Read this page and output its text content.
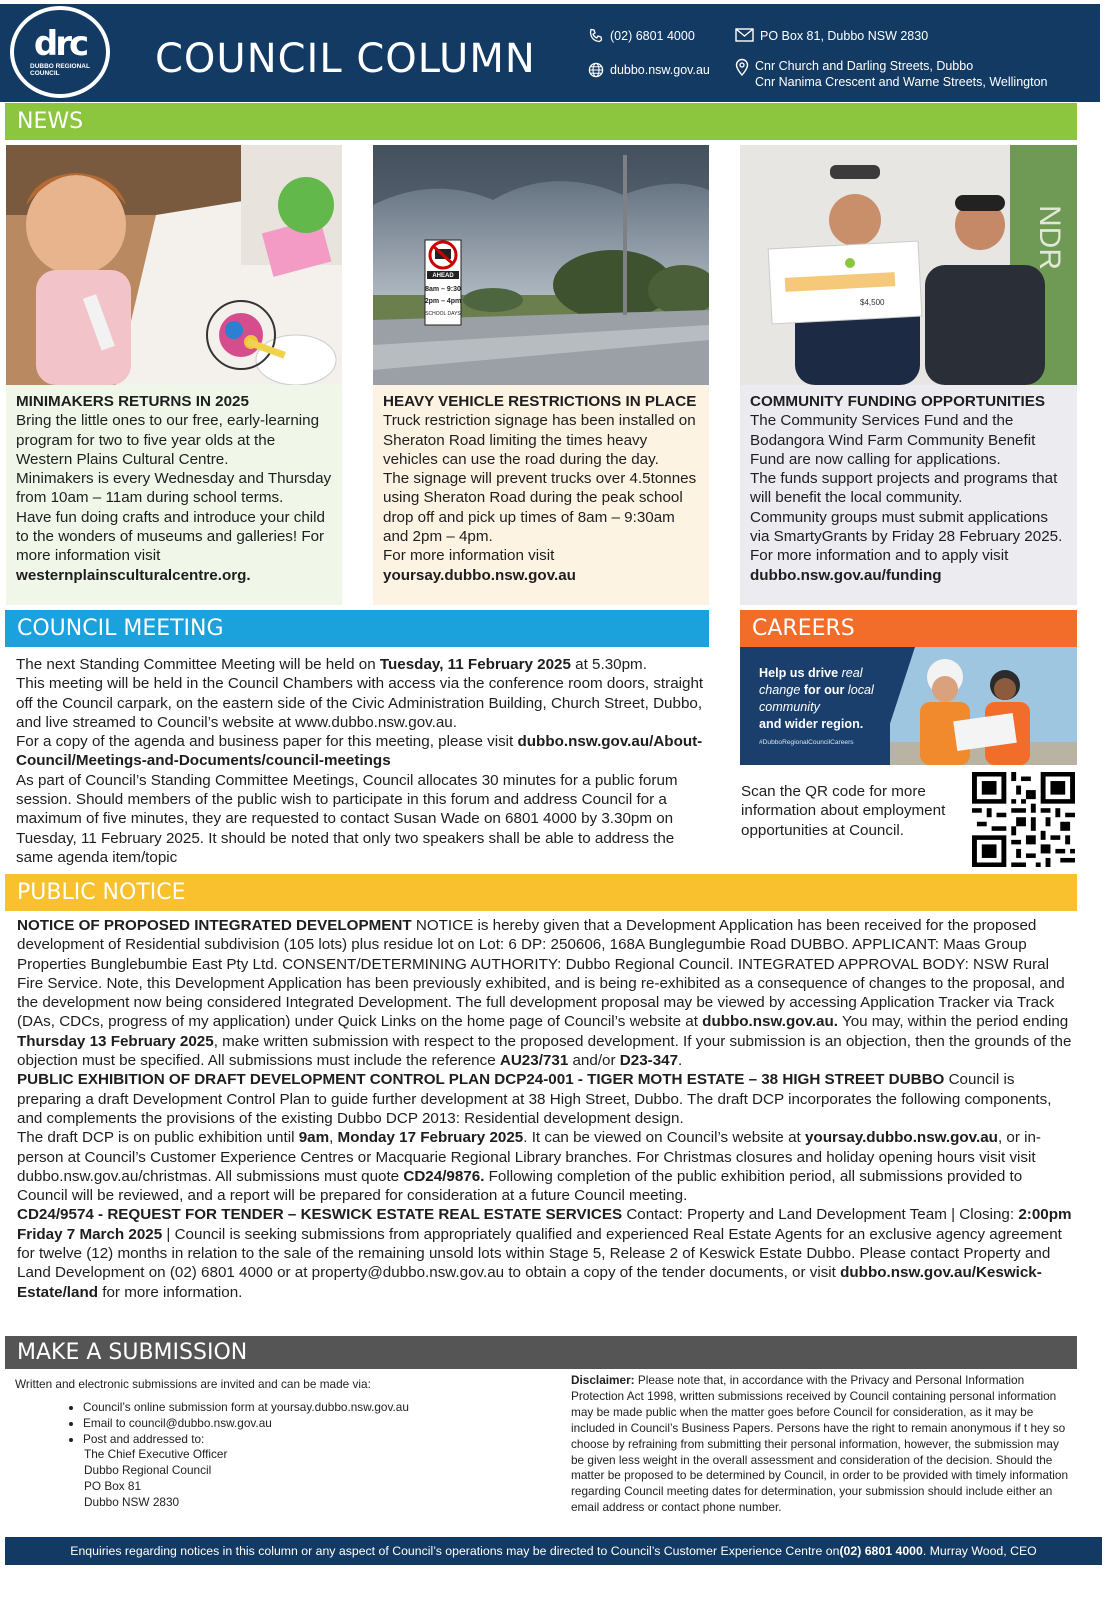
drc
DUBBO REGIONAL
COUNCIL	COUNCIL COLUMN	(02) 6801 4000	PO Box 81, Dubbo NSW 2830
dubbo.nsw.gov.au	Cnr Church and Darling Streets, Dubbo
Cnr Nanima Crescent and Warne Streets, Wellington
NEWS
AHEAD
8am – 9:30
2pm – 4pm
SCHOOL DAYS
NDR
$4,500
MINIMAKERS RETURNS IN 2025
Bring the little ones to our free, early-learning program for two to five year olds at the Western Plains Cultural Centre.
Minimakers is every Wednesday and Thursday from 10am – 11am during school terms.
Have fun doing crafts and introduce your child to the wonders of museums and galleries! For more information visit
westernplainsculturalcentre.org.
HEAVY VEHICLE RESTRICTIONS IN PLACE
Truck restriction signage has been installed on Sheraton Road limiting the times heavy vehicles can use the road during the day.
The signage will prevent trucks over 4.5tonnes using Sheraton Road during the peak school drop off and pick up times of 8am – 9:30am and 2pm – 4pm.
For more information visit yoursay.dubbo.nsw.gov.au
COMMUNITY FUNDING OPPORTUNITIES
The Community Services Fund and the Bodangora Wind Farm Community Benefit Fund are now calling for applications.
The funds support projects and programs that will benefit the local community.
Community groups must submit applications via SmartyGrants by Friday 28 February 2025.
For more information and to apply visit
dubbo.nsw.gov.au/funding
COUNCIL MEETING
The next Standing Committee Meeting will be held on Tuesday, 11 February 2025 at 5.30pm.
This meeting will be held in the Council Chambers with access via the conference room doors, straight off the Council carpark, on the eastern side of the Civic Administration Building, Church Street, Dubbo, and live streamed to Council’s website at www.dubbo.nsw.gov.au.
For a copy of the agenda and business paper for this meeting, please visit dubbo.nsw.gov.au/About-Council/Meetings-and-Documents/council-meetings
As part of Council’s Standing Committee Meetings, Council allocates 30 minutes for a public forum session. Should members of the public wish to participate in this forum and address Council for a maximum of five minutes, they are requested to contact Susan Wade on 6801 4000 by 3.30pm on Tuesday, 11 February 2025. It should be noted that only two speakers shall be able to address the same agenda item/topic
CAREERS
Help us drive real change for our local community
and wider region.
#DubboRegionalCouncilCareers
Scan the QR code for more information about employment opportunities at Council.
PUBLIC NOTICE
NOTICE OF PROPOSED INTEGRATED DEVELOPMENT NOTICE is hereby given that a Development Application has been received for the proposed development of Residential subdivision (105 lots) plus residue lot on Lot: 6 DP: 250606, 168A Bunglegumbie Road DUBBO. APPLICANT: Maas Group Properties Bunglebumbie East Pty Ltd. CONSENT/DETERMINING AUTHORITY: Dubbo Regional Council. INTEGRATED APPROVAL BODY: NSW Rural Fire Service. Note, this Development Application has been previously exhibited, and is being re-exhibited as a consequence of changes to the proposal, and the development now being considered Integrated Development. The full development proposal may be viewed by accessing Application Tracker via Track (DAs, CDCs, progress of my application) under Quick Links on the home page of Council’s website at dubbo.nsw.gov.au. You may, within the period ending Thursday 13 February 2025, make written submission with respect to the proposed development. If your submission is an objection, then the grounds of the objection must be specified. All submissions must include the reference AU23/731 and/or D23-347.
PUBLIC EXHIBITION OF DRAFT DEVELOPMENT CONTROL PLAN DCP24-001 - TIGER MOTH ESTATE – 38 HIGH STREET DUBBO Council is preparing a draft Development Control Plan to guide further development at 38 High Street, Dubbo. The draft DCP incorporates the following components, and complements the provisions of the existing Dubbo DCP 2013: Residential development design.
The draft DCP is on public exhibition until 9am, Monday 17 February 2025. It can be viewed on Council’s website at yoursay.dubbo.nsw.gov.au, or in-person at Council’s Customer Experience Centres or Macquarie Regional Library branches. For Christmas closures and holiday opening hours visit visit dubbo.nsw.gov.au/christmas. All submissions must quote CD24/9876. Following completion of the public exhibition period, all submissions provided to Council will be reviewed, and a report will be prepared for consideration at a future Council meeting.
CD24/9574 - REQUEST FOR TENDER – KESWICK ESTATE REAL ESTATE SERVICES Contact: Property and Land Development Team | Closing: 2:00pm Friday 7 March 2025 | Council is seeking submissions from appropriately qualified and experienced Real Estate Agents for an exclusive agency agreement for twelve (12) months in relation to the sale of the remaining unsold lots within Stage 5, Release 2 of Keswick Estate Dubbo. Please contact Property and Land Development on (02) 6801 4000 or at property@dubbo.nsw.gov.au to obtain a copy of the tender documents, or visit dubbo.nsw.gov.au/Keswick-Estate/land for more information.
MAKE A SUBMISSION
Written and electronic submissions are invited and can be made via:
• Council’s online submission form at yoursay.dubbo.nsw.gov.au
• Email to council@dubbo.nsw.gov.au
• Post and addressed to:
The Chief Executive Officer
Dubbo Regional Council
PO Box 81
Dubbo NSW 2830
Disclaimer: Please note that, in accordance with the Privacy and Personal Information Protection Act 1998, written submissions received by Council containing personal information may be made public when the matter goes before Council for consideration, as it may be included in Council’s Business Papers. Persons have the right to remain anonymous if t hey so choose by refraining from submitting their personal information, however, the submission may be given less weight in the overall assessment and consideration of the decision. Should the matter be proposed to be determined by Council, in order to be provided with timely information regarding Council meeting dates for determination, your submission should include either an email address or contact phone number.
Enquiries regarding notices in this column or any aspect of Council’s operations may be directed to Council’s Customer Experience Centre on (02) 6801 4000 . Murray Wood, CEO
